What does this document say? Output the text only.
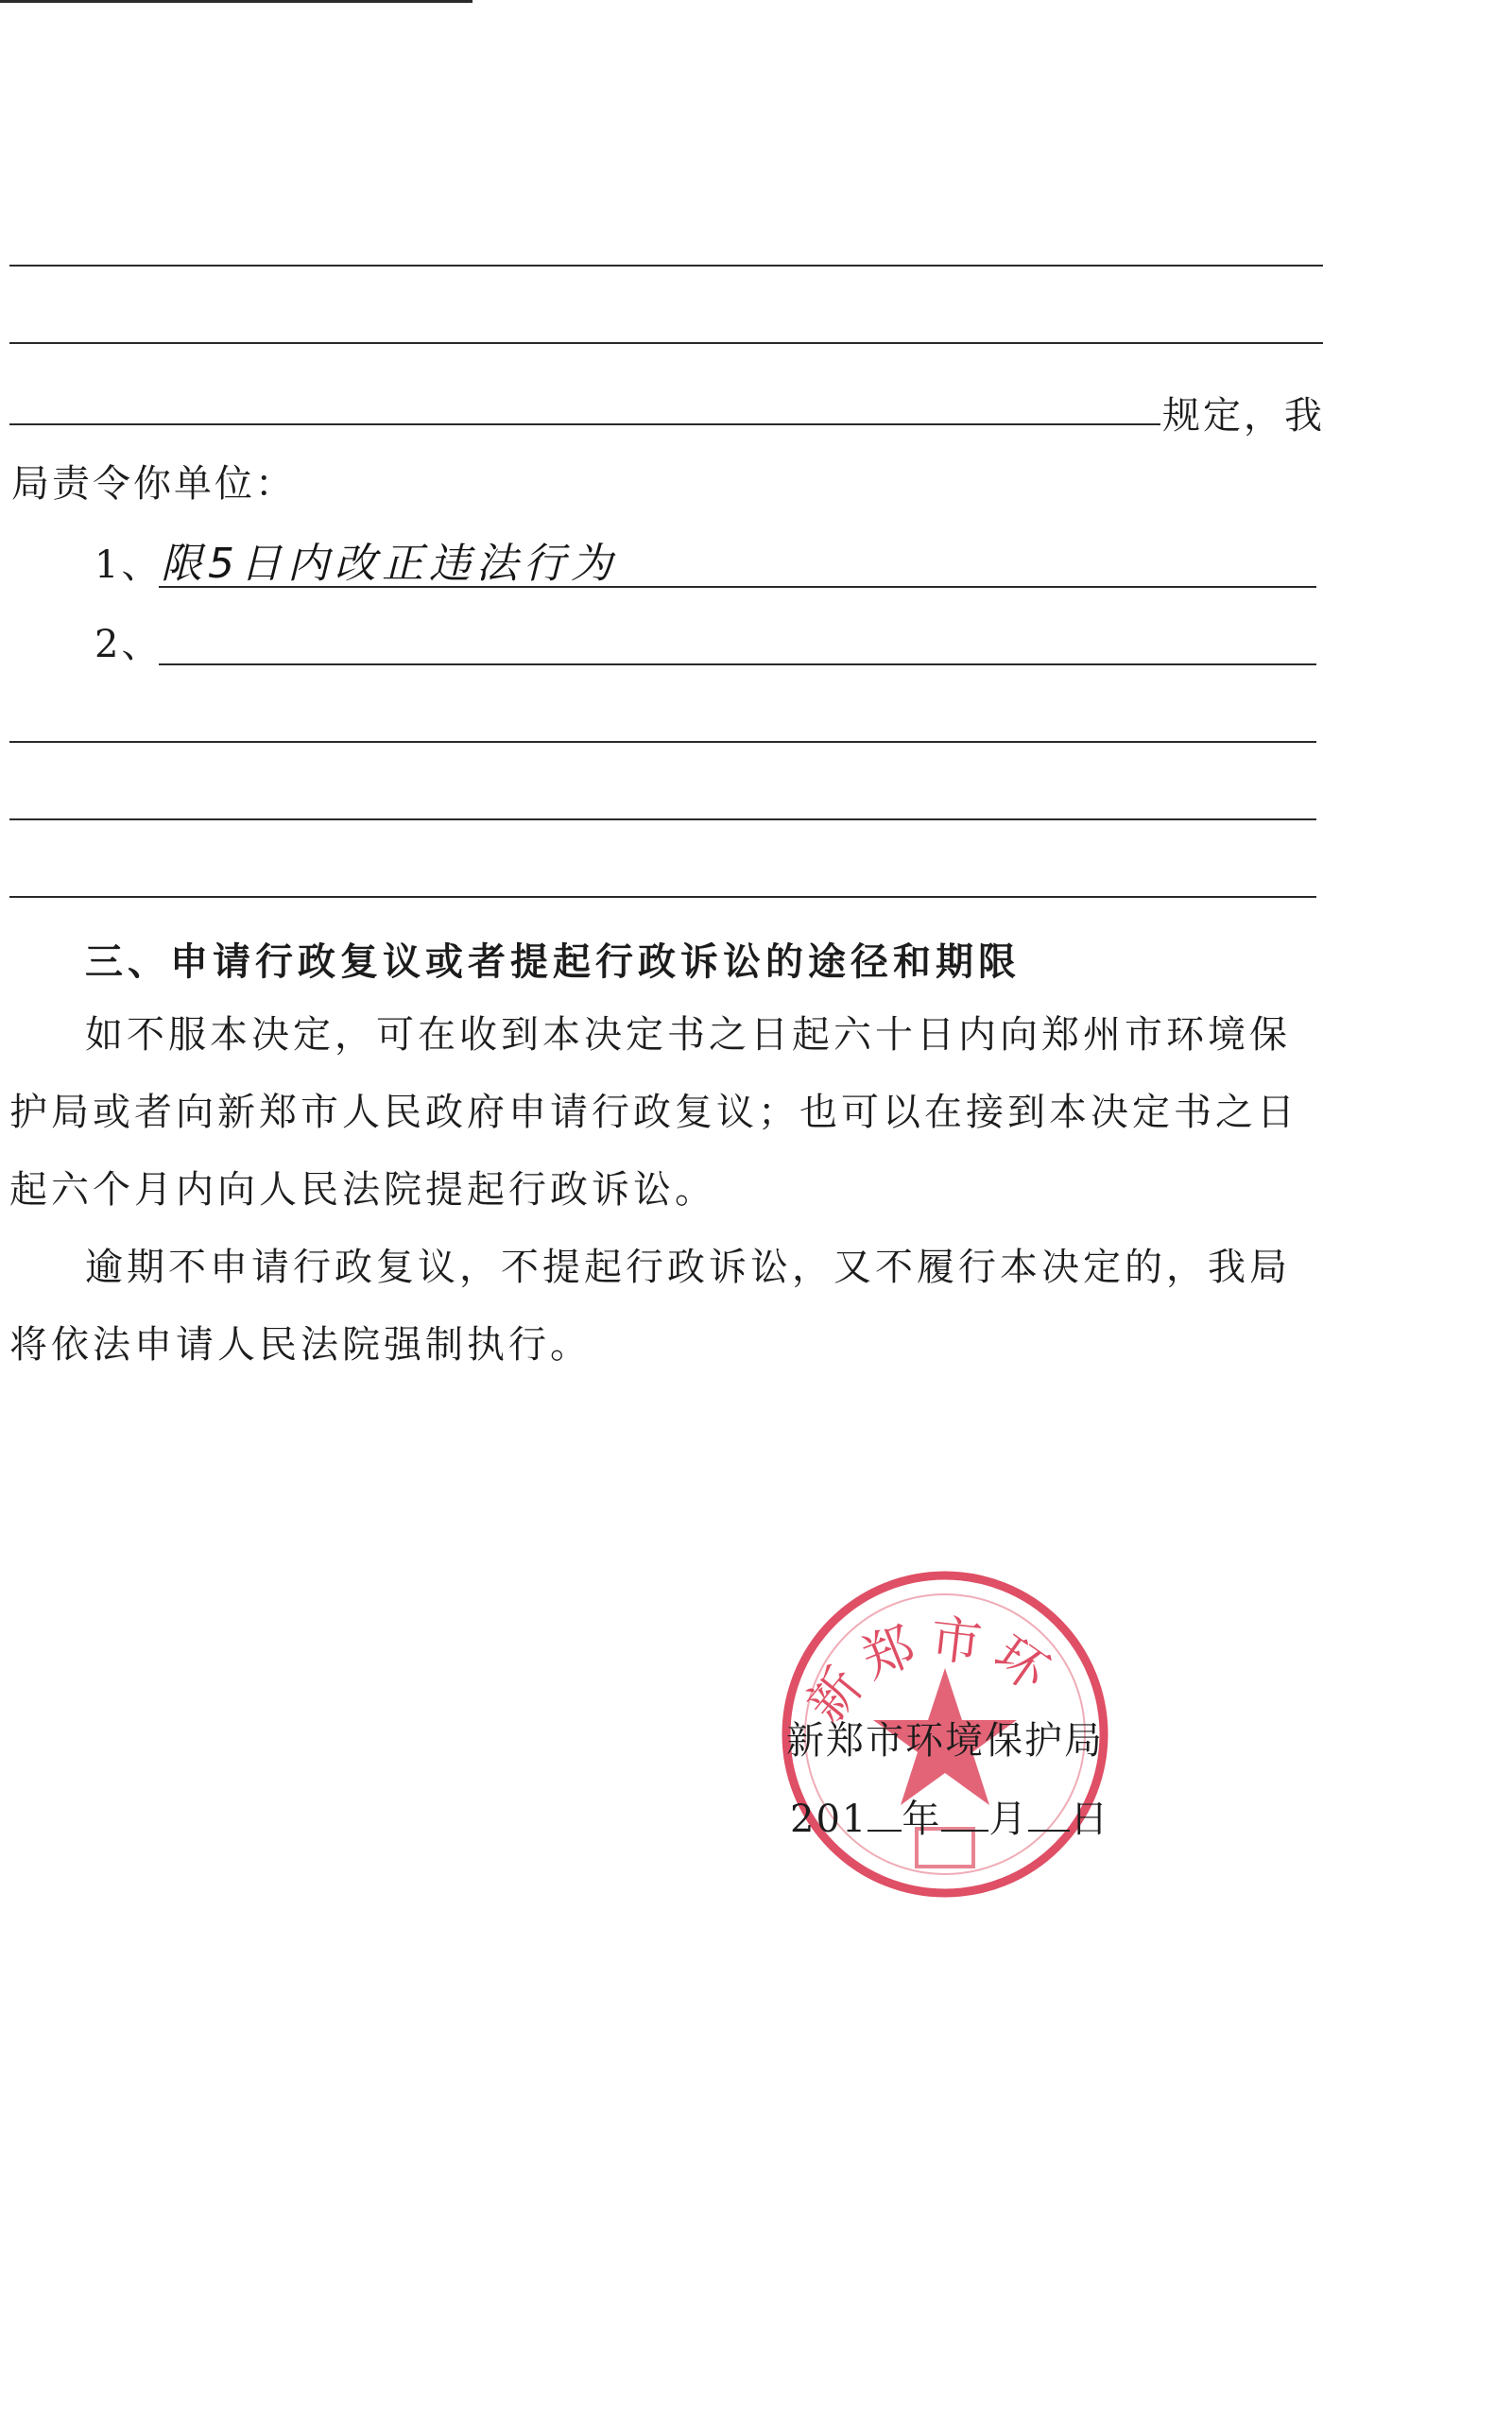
规定，我
局责令你单位：
1、
限5日内改正违法行为
2、
三、申请行政复议或者提起行政诉讼的途径和期限
如不服本决定，可在收到本决定书之日起六十日内向郑州市环境保护局或者向新郑市人民政府申请行政复议；也可以在接到本决定书之日起六个月内向人民法院提起行政诉讼。
逾期不申请行政复议，不提起行政诉讼，又不履行本决定的，我局将依法申请人民法院强制执行。
新郑市环
新郑市环境保护局
201 年 月 日
